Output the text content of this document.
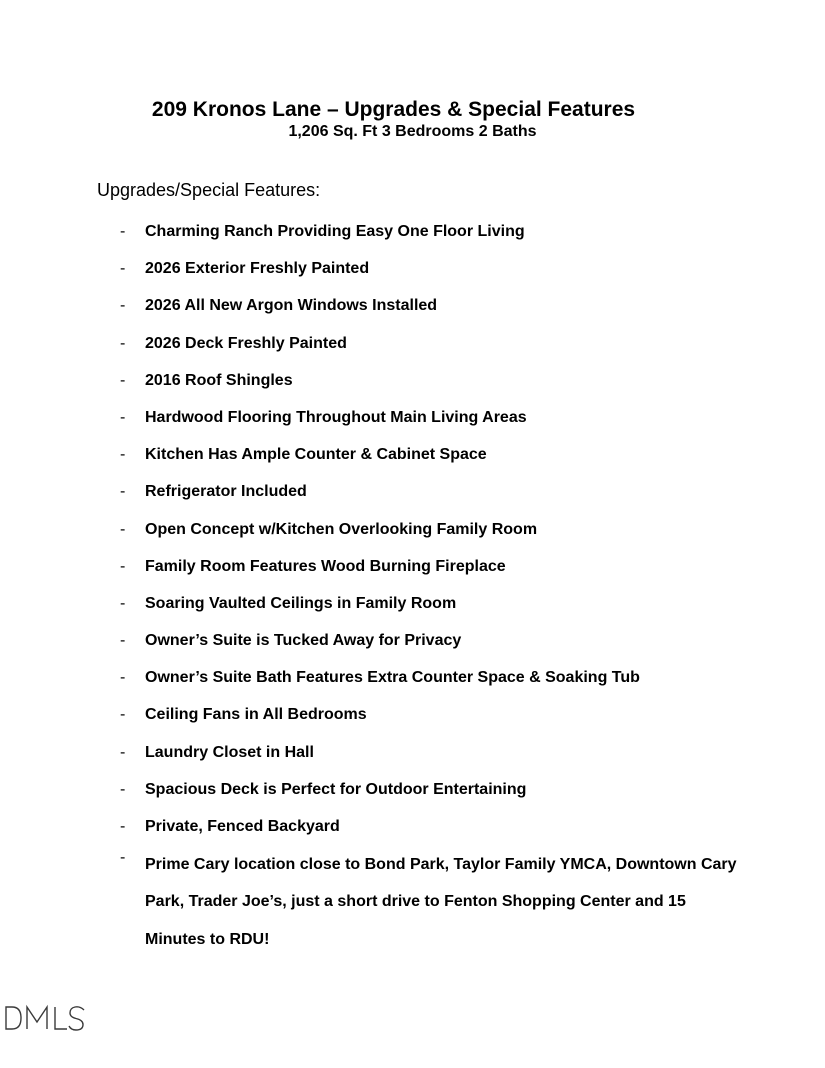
209 Kronos Lane – Upgrades & Special Features
1,206 Sq. Ft 3 Bedrooms 2 Baths
Upgrades/Special Features:
- Charming Ranch Providing Easy One Floor Living
- 2026 Exterior Freshly Painted
- 2026 All New Argon Windows Installed
- 2026 Deck Freshly Painted
- 2016 Roof Shingles
- Hardwood Flooring Throughout Main Living Areas
- Kitchen Has Ample Counter & Cabinet Space
- Refrigerator Included
- Open Concept w/Kitchen Overlooking Family Room
- Family Room Features Wood Burning Fireplace
- Soaring Vaulted Ceilings in Family Room
- Owner’s Suite is Tucked Away for Privacy
- Owner’s Suite Bath Features Extra Counter Space & Soaking Tub
- Ceiling Fans in All Bedrooms
- Laundry Closet in Hall
- Spacious Deck is Perfect for Outdoor Entertaining
- Private, Fenced Backyard
- Prime Cary location close to Bond Park, Taylor Family YMCA, Downtown Cary Park, Trader Joe’s, just a short drive to Fenton Shopping Center and 15 Minutes to RDU!
